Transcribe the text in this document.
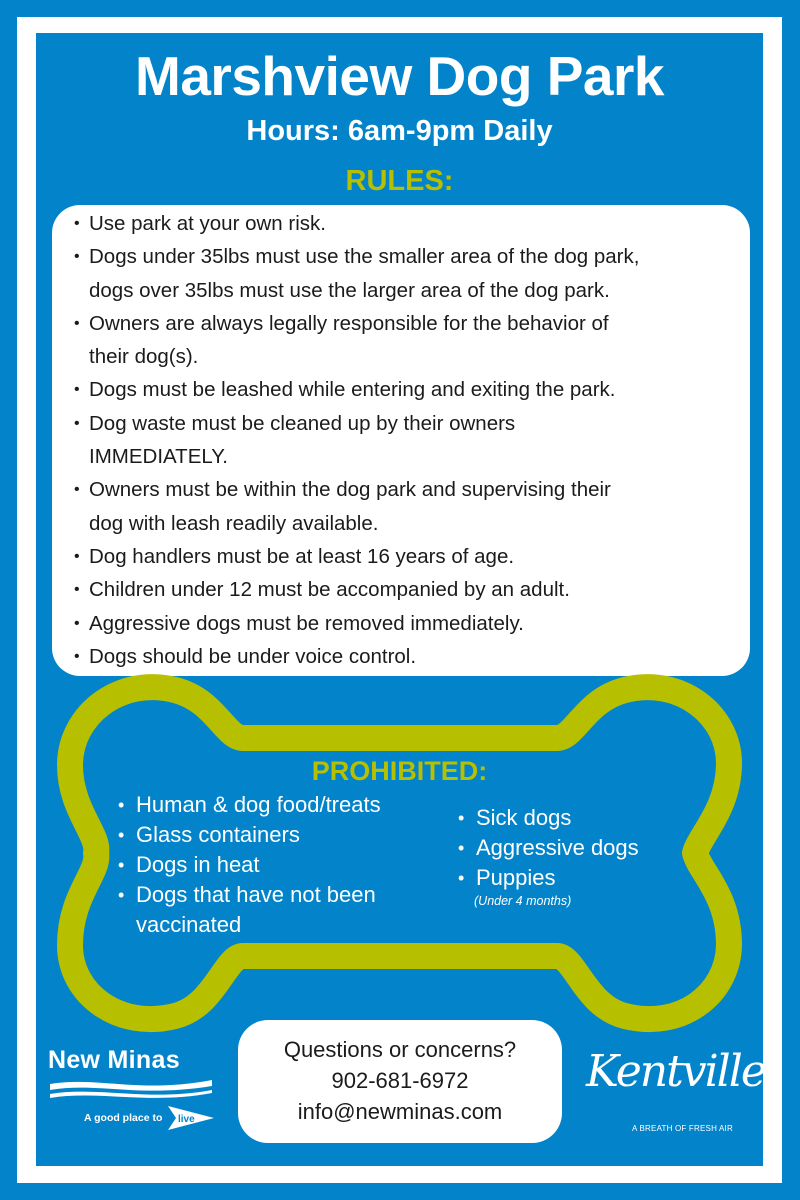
Marshview Dog Park
Hours: 6am-9pm Daily
RULES:
• Use park at your own risk.
• Dogs under 35lbs must use the smaller area of the dog park,
dogs over 35lbs must use the larger area of the dog park.
• Owners are always legally responsible for the behavior of
their dog(s).
• Dogs must be leashed while entering and exiting the park.
• Dog waste must be cleaned up by their owners
IMMEDIATELY.
• Owners must be within the dog park and supervising their
dog with leash readily available.
• Dog handlers must be at least 16 years of age.
• Children under 12 must be accompanied by an adult.
• Aggressive dogs must be removed immediately.
• Dogs should be under voice control.
PROHIBITED:
• Human & dog food/treats
• Glass containers
• Dogs in heat
• Dogs that have not been
vaccinated
• Sick dogs
• Aggressive dogs
• Puppies
(Under 4 months)
Questions or concerns?
902-681-6972
info@newminas.com
New Minas
A good place to live
Kentville
A BREATH OF FRESH AIR
